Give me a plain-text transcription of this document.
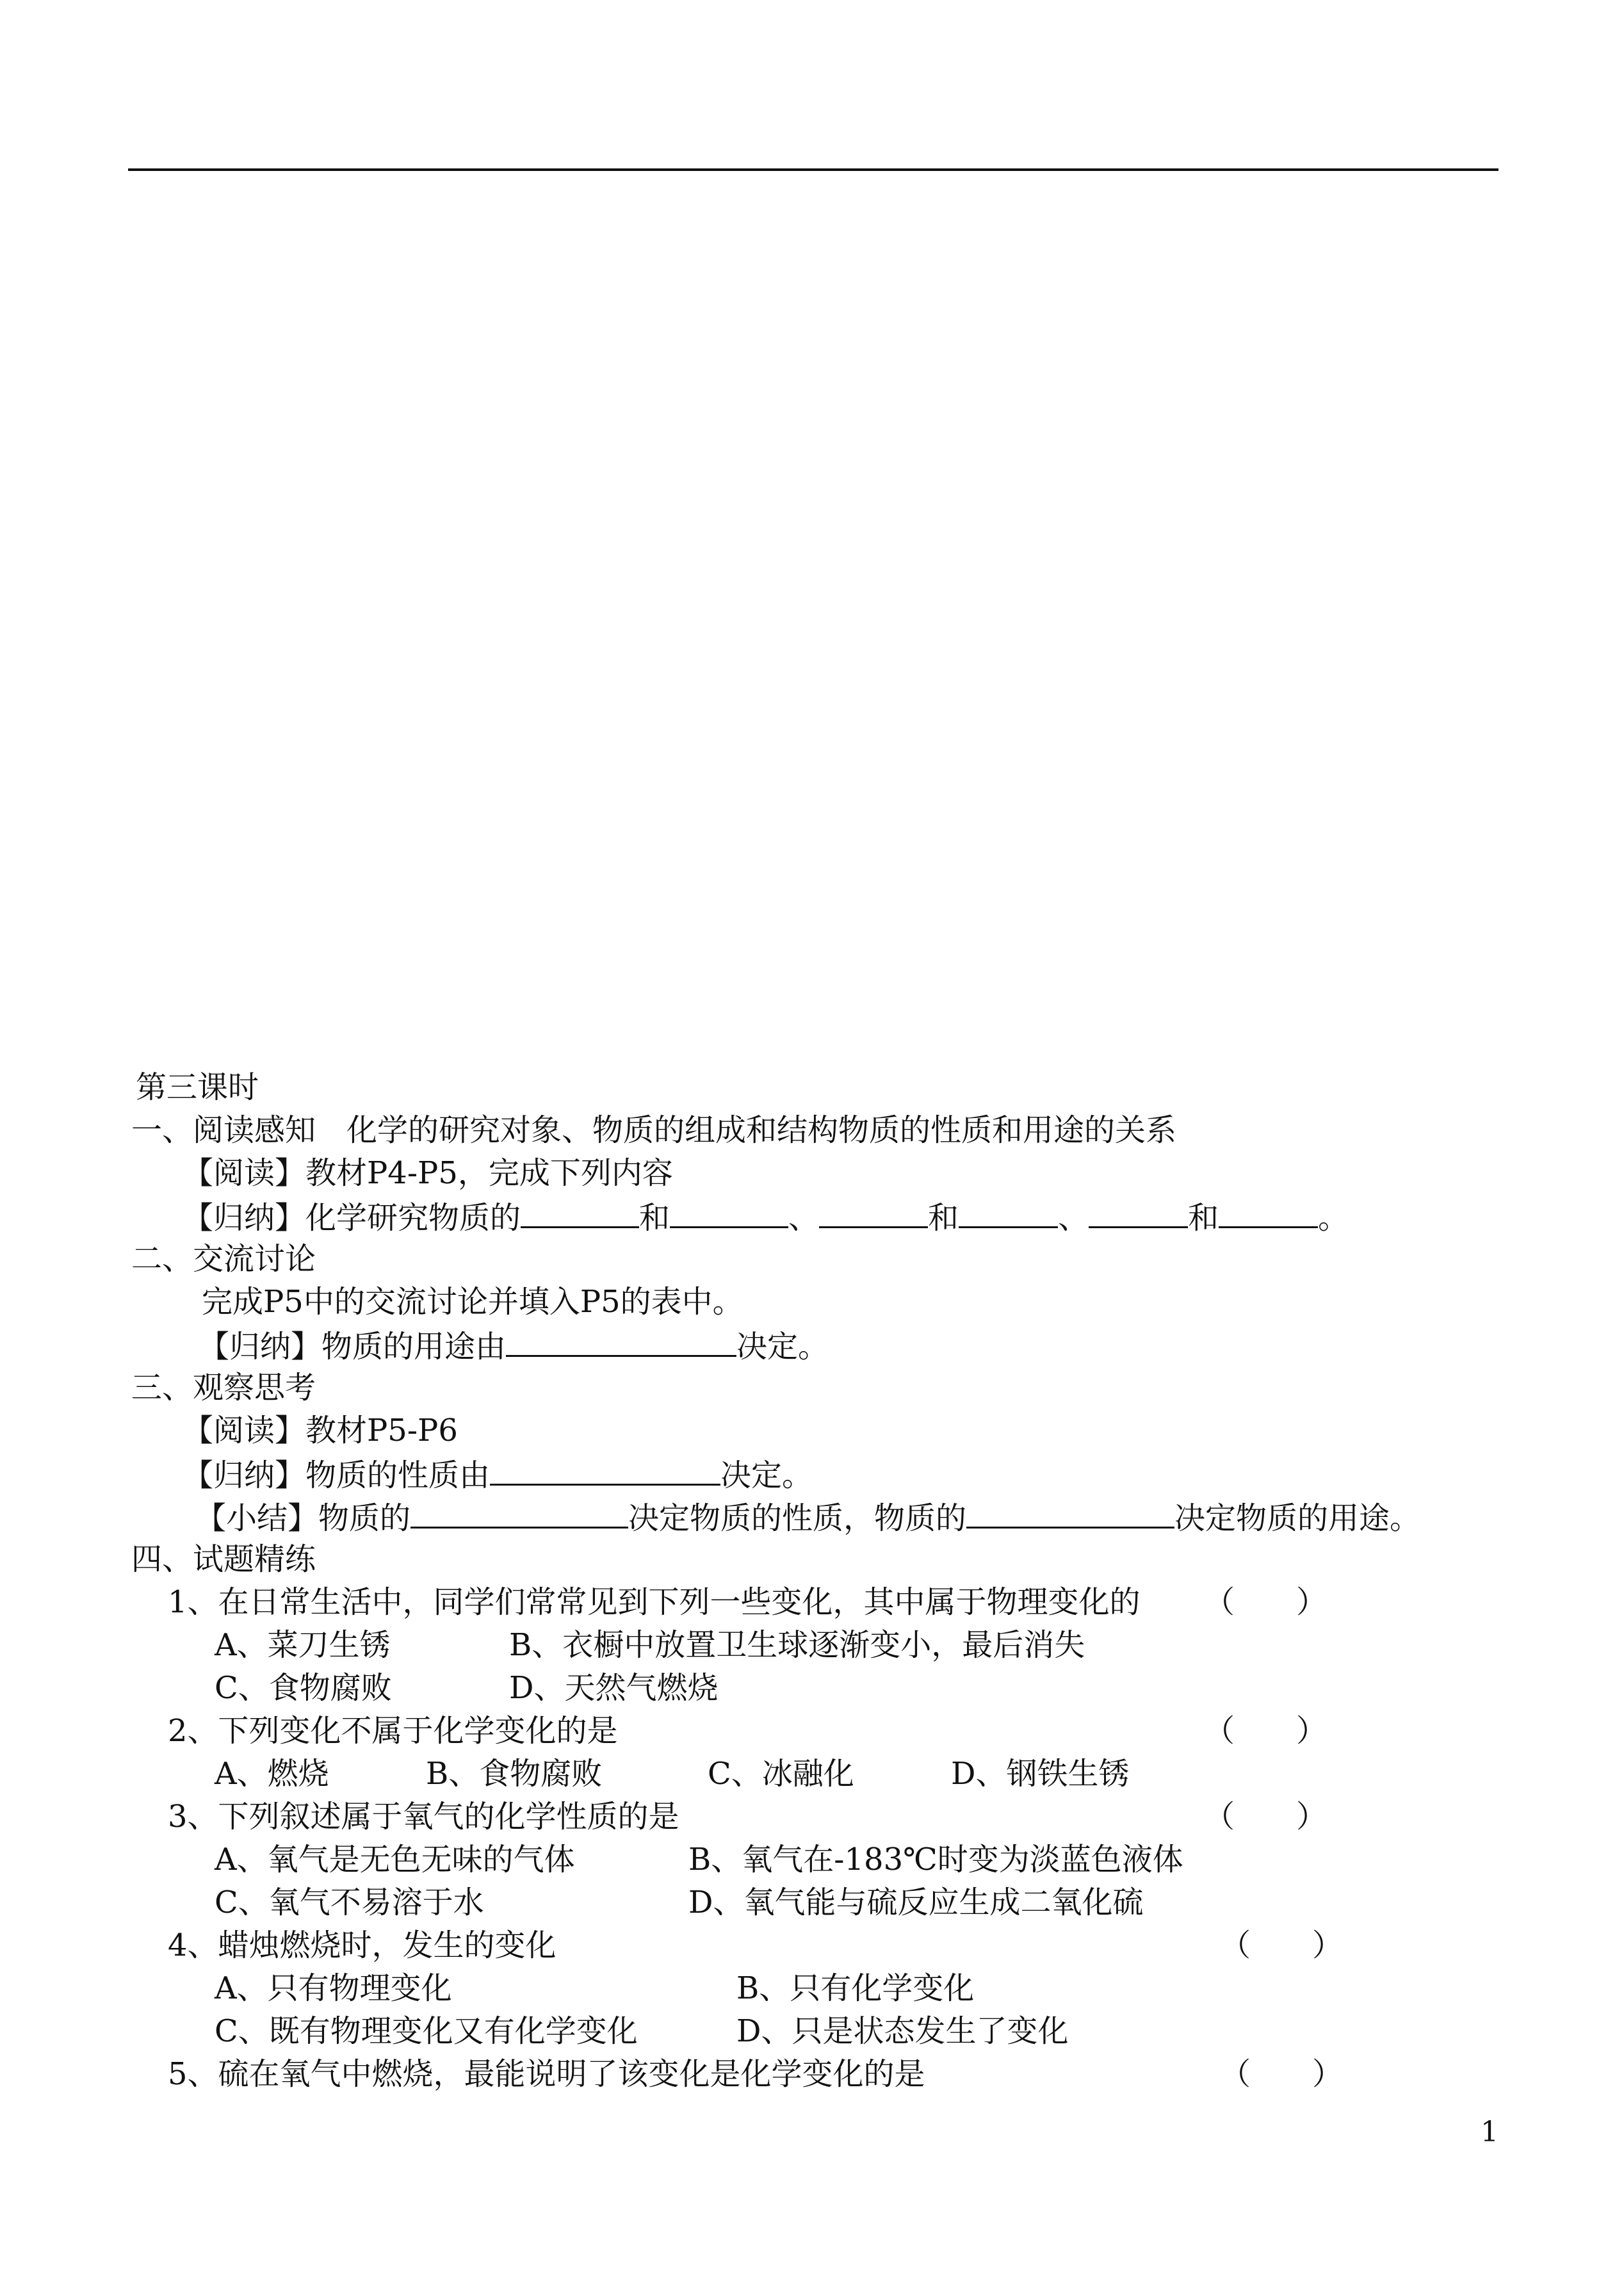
第三课时
一、阅读感知　化学的研究对象、物质的组成和结构物质的性质和用途的关系
【阅读】教材P4-P5，完成下列内容
【归纳】化学研究物质的	和	、	和	、	和	。
二、交流讨论
完成P5中的交流讨论并填入P5的表中。
【归纳】物质的用途由	决定。
三、观察思考
【阅读】教材P5-P6
【归纳】物质的性质由	决定。
【小结】物质的	决定物质的性质，物质的	决定物质的用途。
四、试题精练
1、在日常生活中，同学们常常见到下列一些变化，其中属于物理变化的 （　　）
A、菜刀生锈	B、衣橱中放置卫生球逐渐变小，最后消失
C、食物腐败	D、天然气燃烧
2、下列变化不属于化学变化的是	（　　）
A、燃烧	B、食物腐败	C、冰融化	D、钢铁生锈
3、下列叙述属于氧气的化学性质的是	（　　）
A、氧气是无色无味的气体	B、氧气在-183℃时变为淡蓝色液体
C、氧气不易溶于水	D、氧气能与硫反应生成二氧化硫
4、蜡烛燃烧时，发生的变化	（　　）
A、只有物理变化	B、只有化学变化
C、既有物理变化又有化学变化	D、只是状态发生了变化
5、硫在氧气中燃烧，最能说明了该变化是化学变化的是	（　　）
1
